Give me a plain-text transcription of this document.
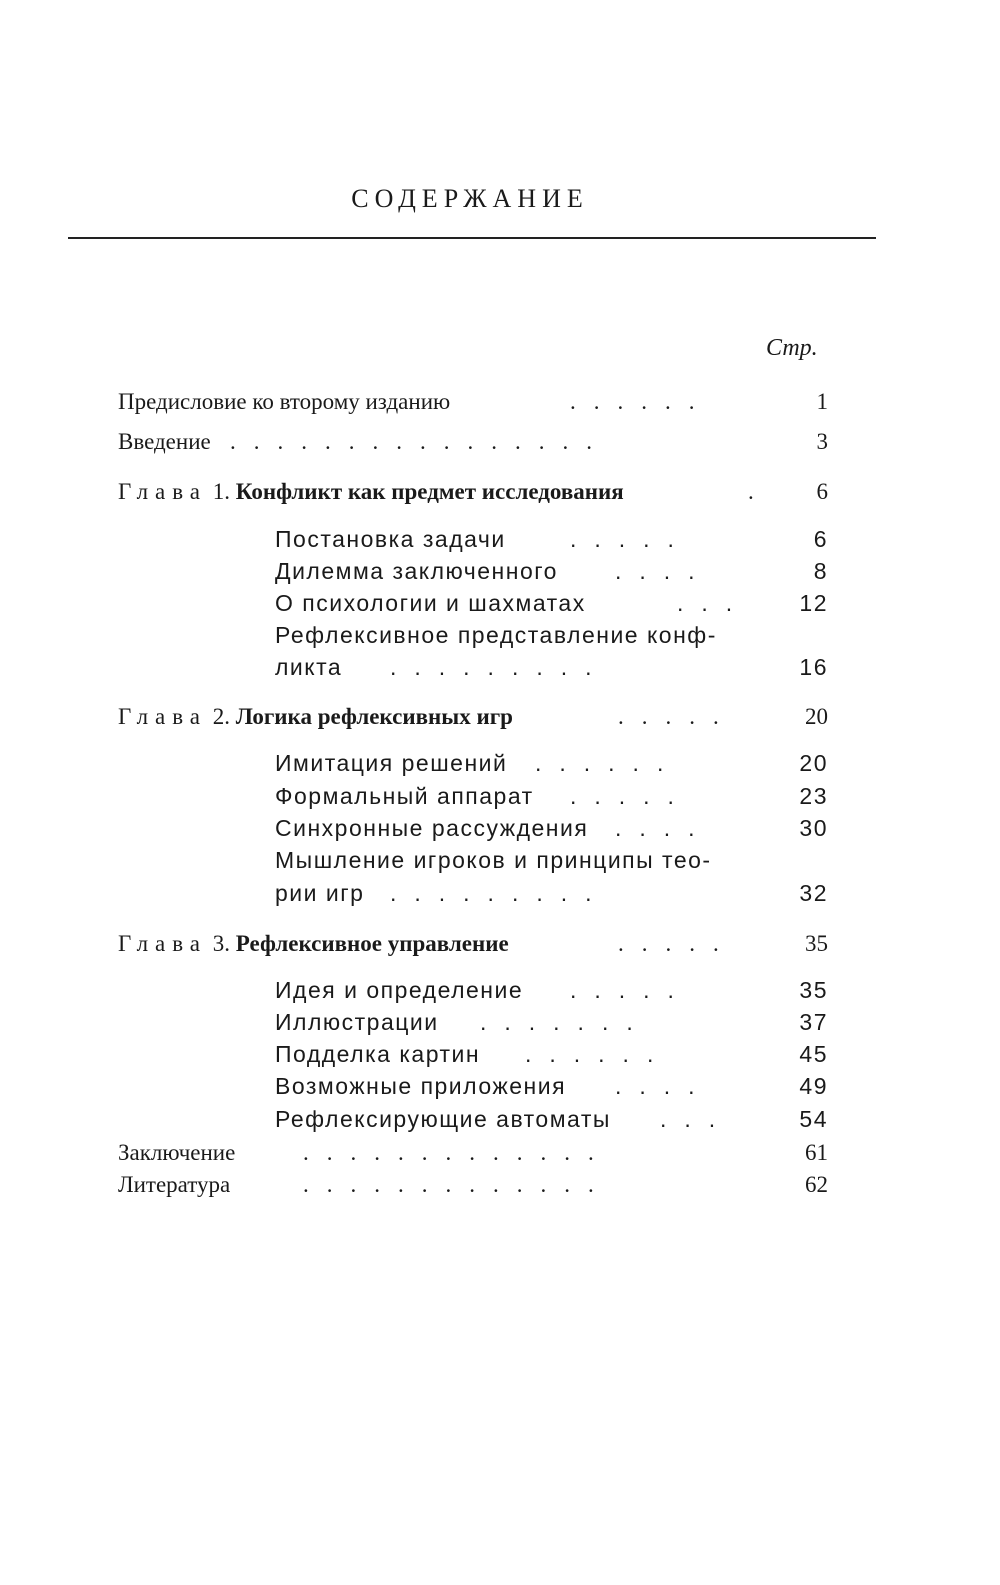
СОДЕРЖАНИЕ
Стр.
Предисловие ко второму изданию	......	1
Введение ................	3
Глава 1. Конфликт как предмет исследования	.	6
Постановка задачи	.....	6
Дилемма заключенного ....	8
О психологии и шахматах	... 12
Рефлексивное представление конф-
ликта .........	16
Глава 2. Логика рефлексивных игр	.....	20
Имитация решений ......	20
Формальный аппарат .....	23
Синхронные рассуждения ....	30
Мышление игроков и принципы тео-
рии игр .........	32
Глава 3. Рефлексивное управление	.....	35
Идея и определение .....	35
Иллюстрации .......	37
Подделка картин ......	45
Возможные приложения ....	49
Рефлексирующие автоматы ...	54
Заключение	.............	61
Литература	.............	62
